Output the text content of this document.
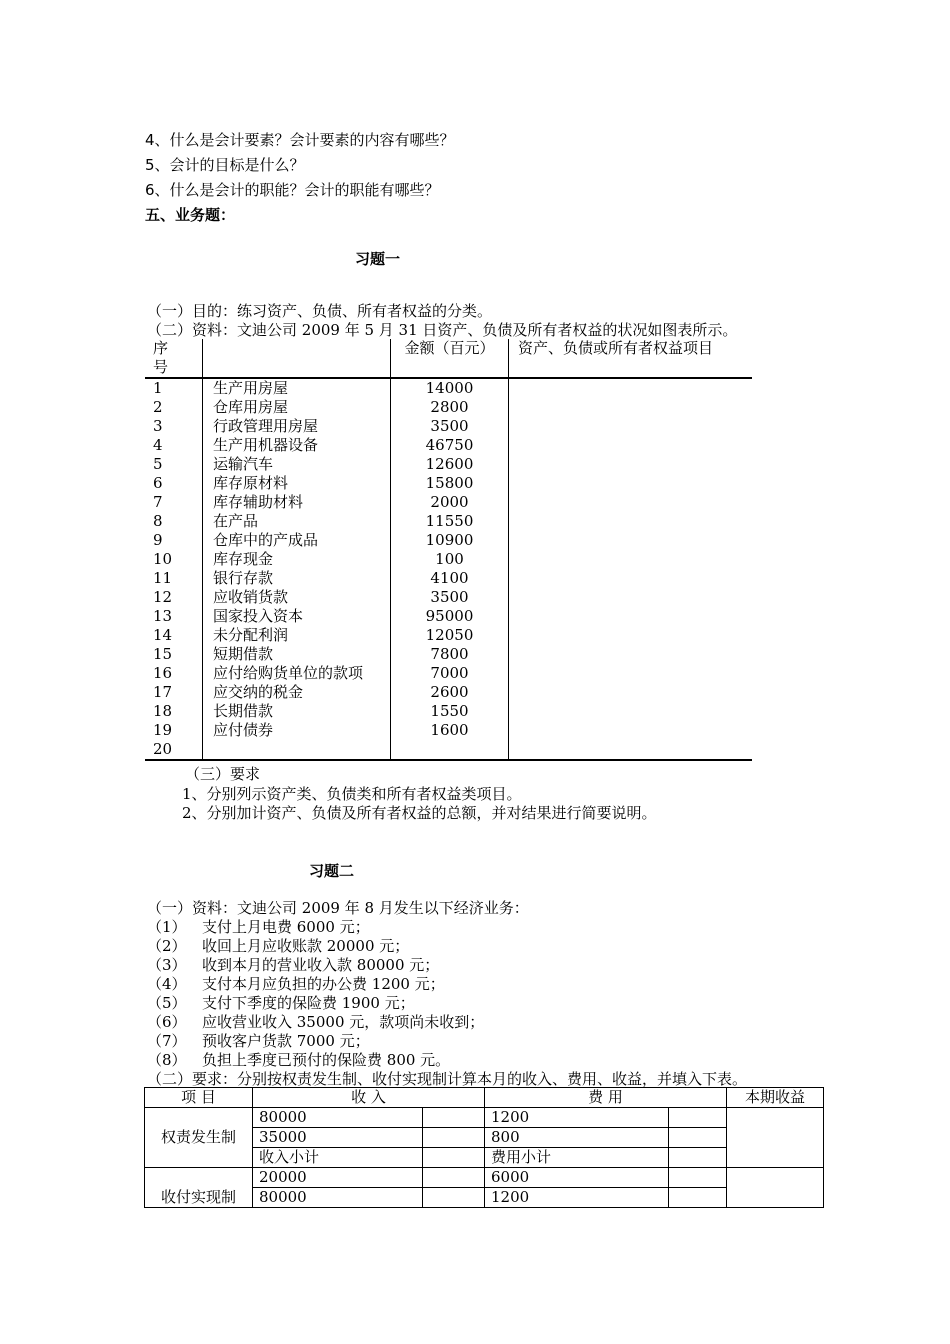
4、什么是会计要素？会计要素的内容有哪些？
5、会计的目标是什么？
6、什么是会计的职能？会计的职能有哪些？
五、业务题：
习题一
（一）目的：练习资产、负债、所有者权益的分类。
（二）资料：文迪公司 2009 年 5 月 31 日资产、负债及所有者权益的状况如图表所示。
序
号		金额（百元）	资产、负债或所有者权益项目
1	生产用房屋	14000	
2	仓库用房屋	2800	
3	行政管理用房屋	3500	
4	生产用机器设备	46750	
5	运输汽车	12600	
6	库存原材料	15800	
7	库存辅助材料	2000	
8	在产品	11550	
9	仓库中的产成品	10900	
10	库存现金	100	
11	银行存款	4100	
12	应收销货款	3500	
13	国家投入资本	95000	
14	未分配利润	12050	
15	短期借款	7800	
16	应付给购货单位的款项	7000	
17	应交纳的税金	2600	
18	长期借款	1550	
19	应付债券	1600	
20			
（三）要求
1、分别列示资产类、负债类和所有者权益类项目。
2、分别加计资产、负债及所有者权益的总额，并对结果进行简要说明。
习题二
（一）资料：文迪公司 2009 年 8 月发生以下经济业务：
（1） 支付上月电费 6000 元；
（2） 收回上月应收账款 20000 元；
（3） 收到本月的营业收入款 80000 元；
（4） 支付本月应负担的办公费 1200 元；
（5） 支付下季度的保险费 1900 元；
（6） 应收营业收入 35000 元，款项尚未收到；
（7） 预收客户货款 7000 元；
（8） 负担上季度已预付的保险费 800 元。
（二）要求：分别按权责发生制、收付实现制计算本月的收入、费用、收益，并填入下表。
项 目	收 入		费 用		本期收益
权责发生制	80000		1200		
	35000		800		
	收入小计		费用小计		
收付实现制	20000		6000		
	80000		1200		
